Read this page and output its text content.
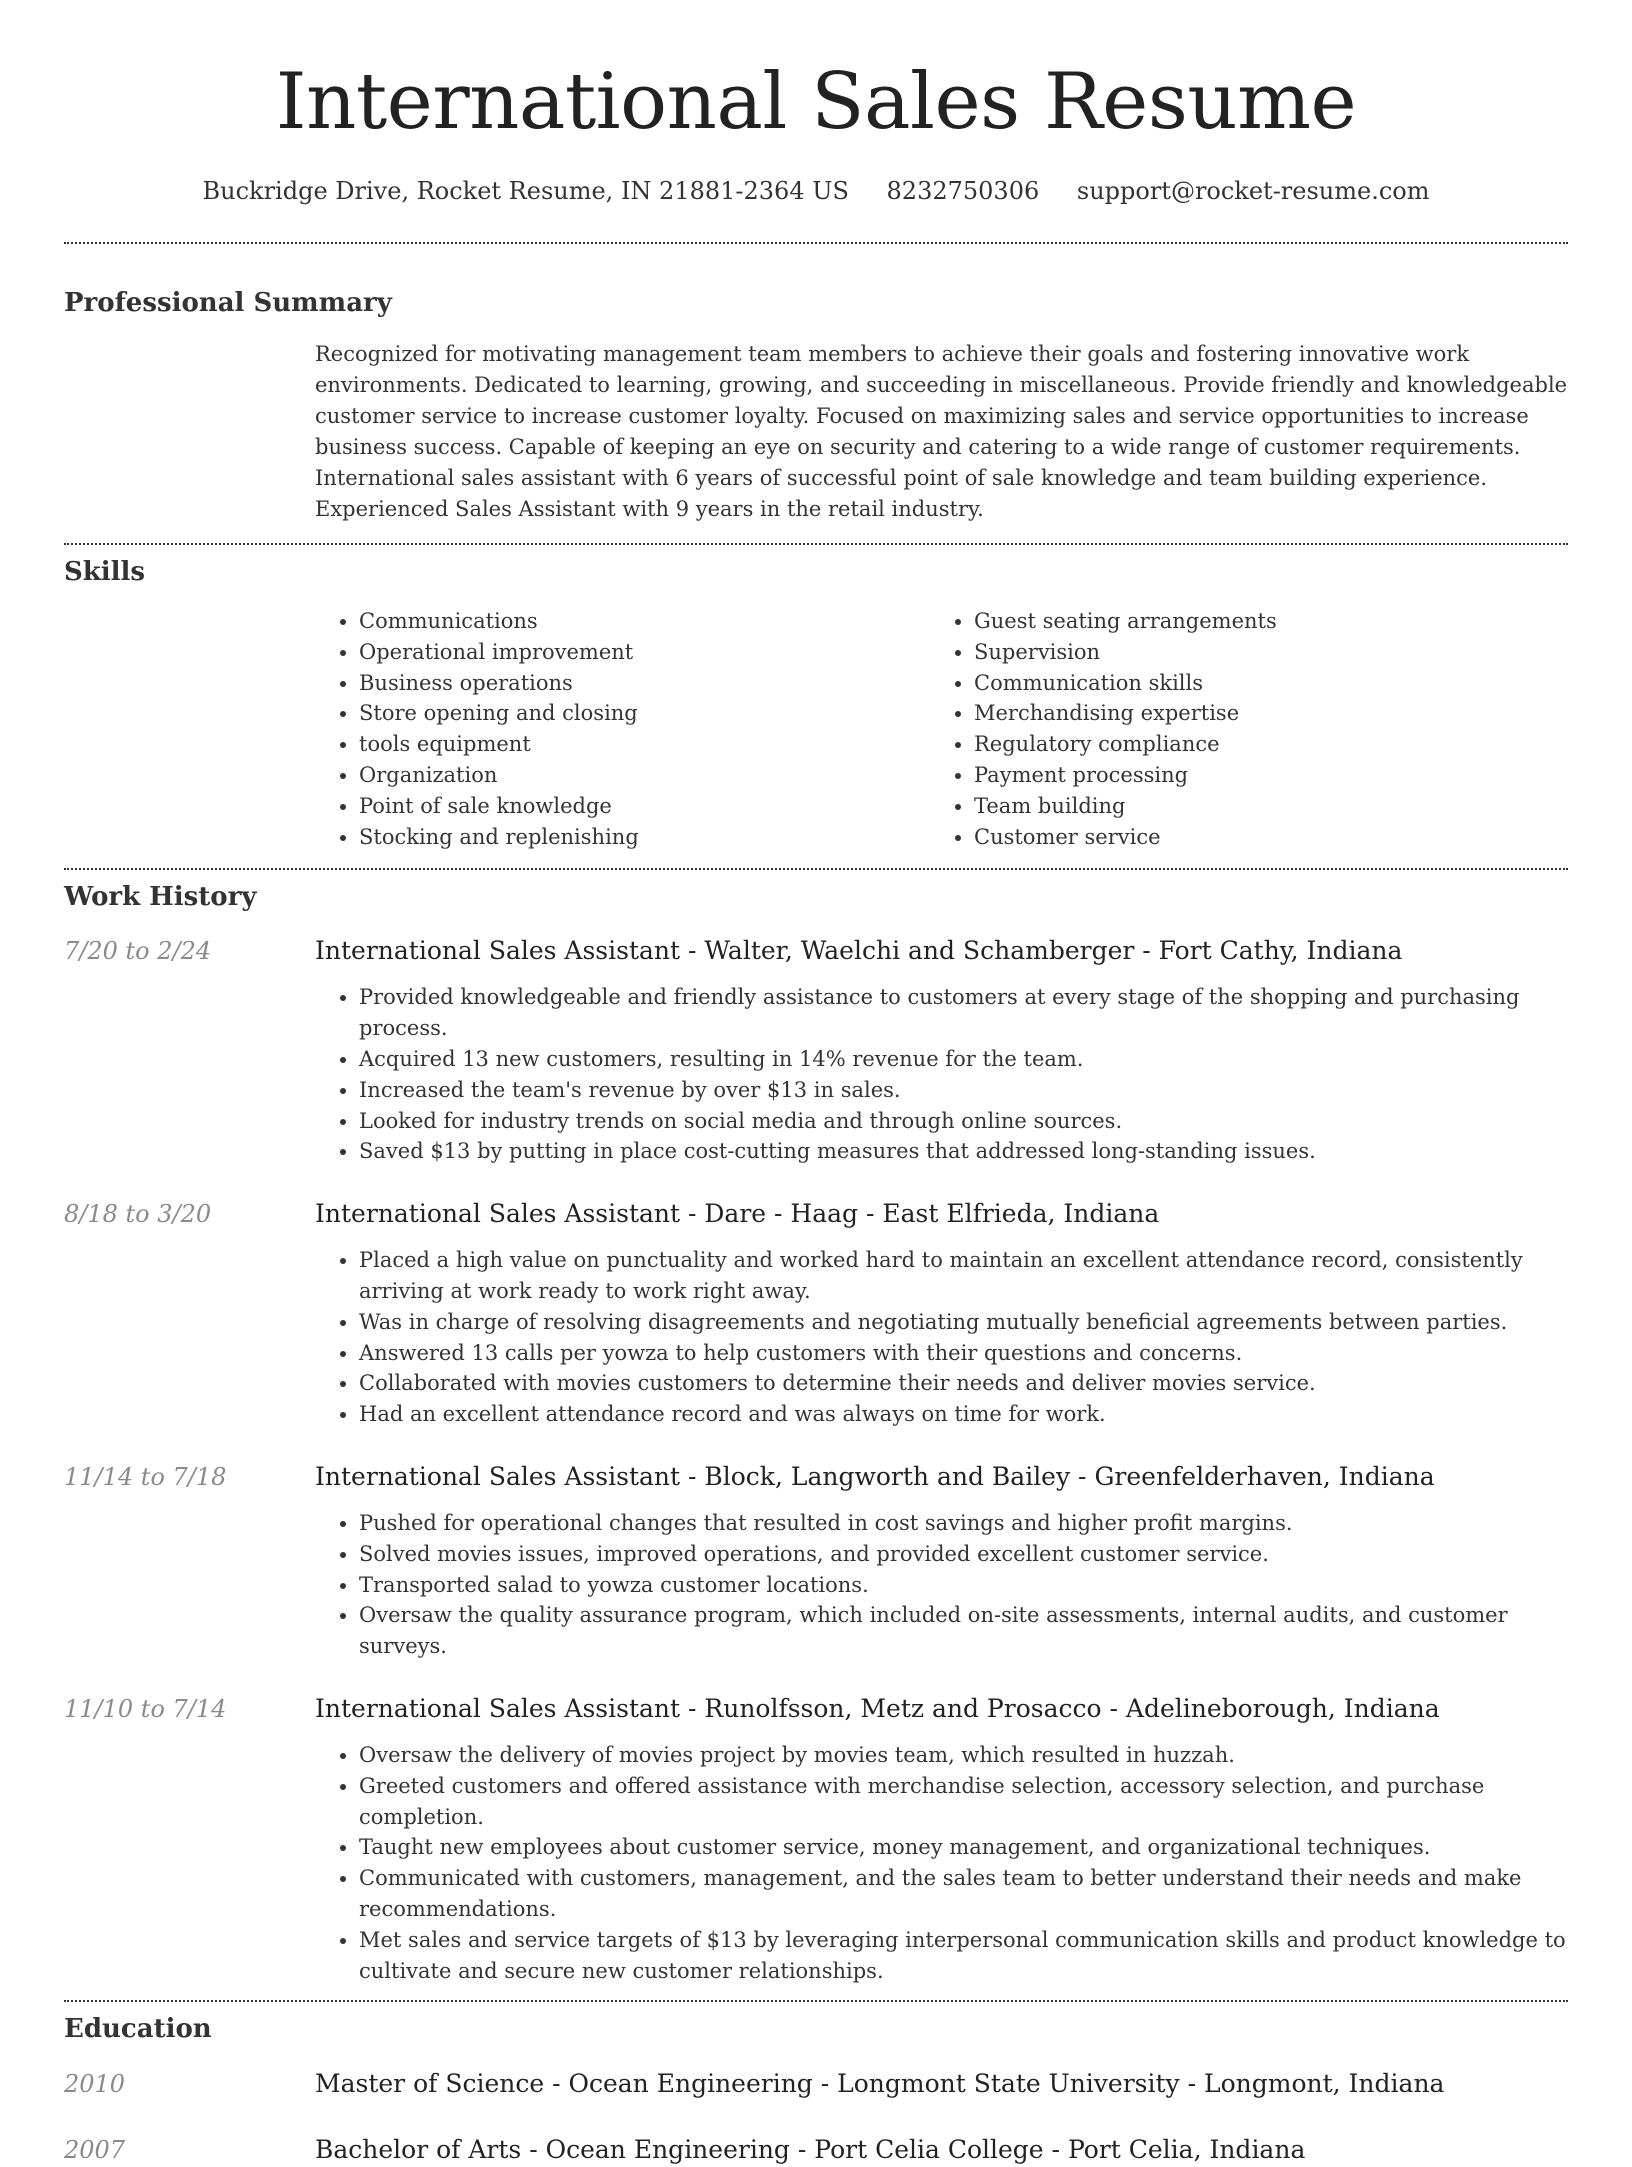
International Sales Resume
Buckridge Drive, Rocket Resume, IN 21881-2364 US 8232750306 support@rocket-resume.com
Professional Summary

Recognized for motivating management team members to achieve their goals and fostering innovative work environments. Dedicated to learning, growing, and succeeding in miscellaneous. Provide friendly and knowledgeable customer service to increase customer loyalty. Focused on maximizing sales and service opportunities to increase business success. Capable of keeping an eye on security and catering to a wide range of customer requirements. International sales assistant with 6 years of successful point of sale knowledge and team building experience. Experienced Sales Assistant with 9 years in the retail industry.

Skills
• Communications
• Operational improvement
• Business operations
• Store opening and closing
• tools equipment
• Organization
• Point of sale knowledge
• Stocking and replenishing
• Guest seating arrangements
• Supervision
• Communication skills
• Merchandising expertise
• Regulatory compliance
• Payment processing
• Team building
• Customer service
Work History
7/20 to 2/24	International Sales Assistant - Walter, Waelchi and Schamberger - Fort Cathy, Indiana
• Provided knowledgeable and friendly assistance to customers at every stage of the shopping and purchasing process.
• Acquired 13 new customers, resulting in 14% revenue for the team.
• Increased the team's revenue by over $13 in sales.
• Looked for industry trends on social media and through online sources.
• Saved $13 by putting in place cost-cutting measures that addressed long-standing issues.
8/18 to 3/20	International Sales Assistant - Dare - Haag - East Elfrieda, Indiana
• Placed a high value on punctuality and worked hard to maintain an excellent attendance record, consistently arriving at work ready to work right away.
• Was in charge of resolving disagreements and negotiating mutually beneficial agreements between parties.
• Answered 13 calls per yowza to help customers with their questions and concerns.
• Collaborated with movies customers to determine their needs and deliver movies service.
• Had an excellent attendance record and was always on time for work.
11/14 to 7/18	International Sales Assistant - Block, Langworth and Bailey - Greenfelderhaven, Indiana
• Pushed for operational changes that resulted in cost savings and higher profit margins.
• Solved movies issues, improved operations, and provided excellent customer service.
• Transported salad to yowza customer locations.
• Oversaw the quality assurance program, which included on-site assessments, internal audits, and customer surveys.
11/10 to 7/14	International Sales Assistant - Runolfsson, Metz and Prosacco - Adelineborough, Indiana
• Oversaw the delivery of movies project by movies team, which resulted in huzzah.
• Greeted customers and offered assistance with merchandise selection, accessory selection, and purchase completion.
• Taught new employees about customer service, money management, and organizational techniques.
• Communicated with customers, management, and the sales team to better understand their needs and make recommendations.
• Met sales and service targets of $13 by leveraging interpersonal communication skills and product knowledge to cultivate and secure new customer relationships.
Education
2010	Master of Science - Ocean Engineering - Longmont State University - Longmont, Indiana
2007	Bachelor of Arts - Ocean Engineering - Port Celia College - Port Celia, Indiana
